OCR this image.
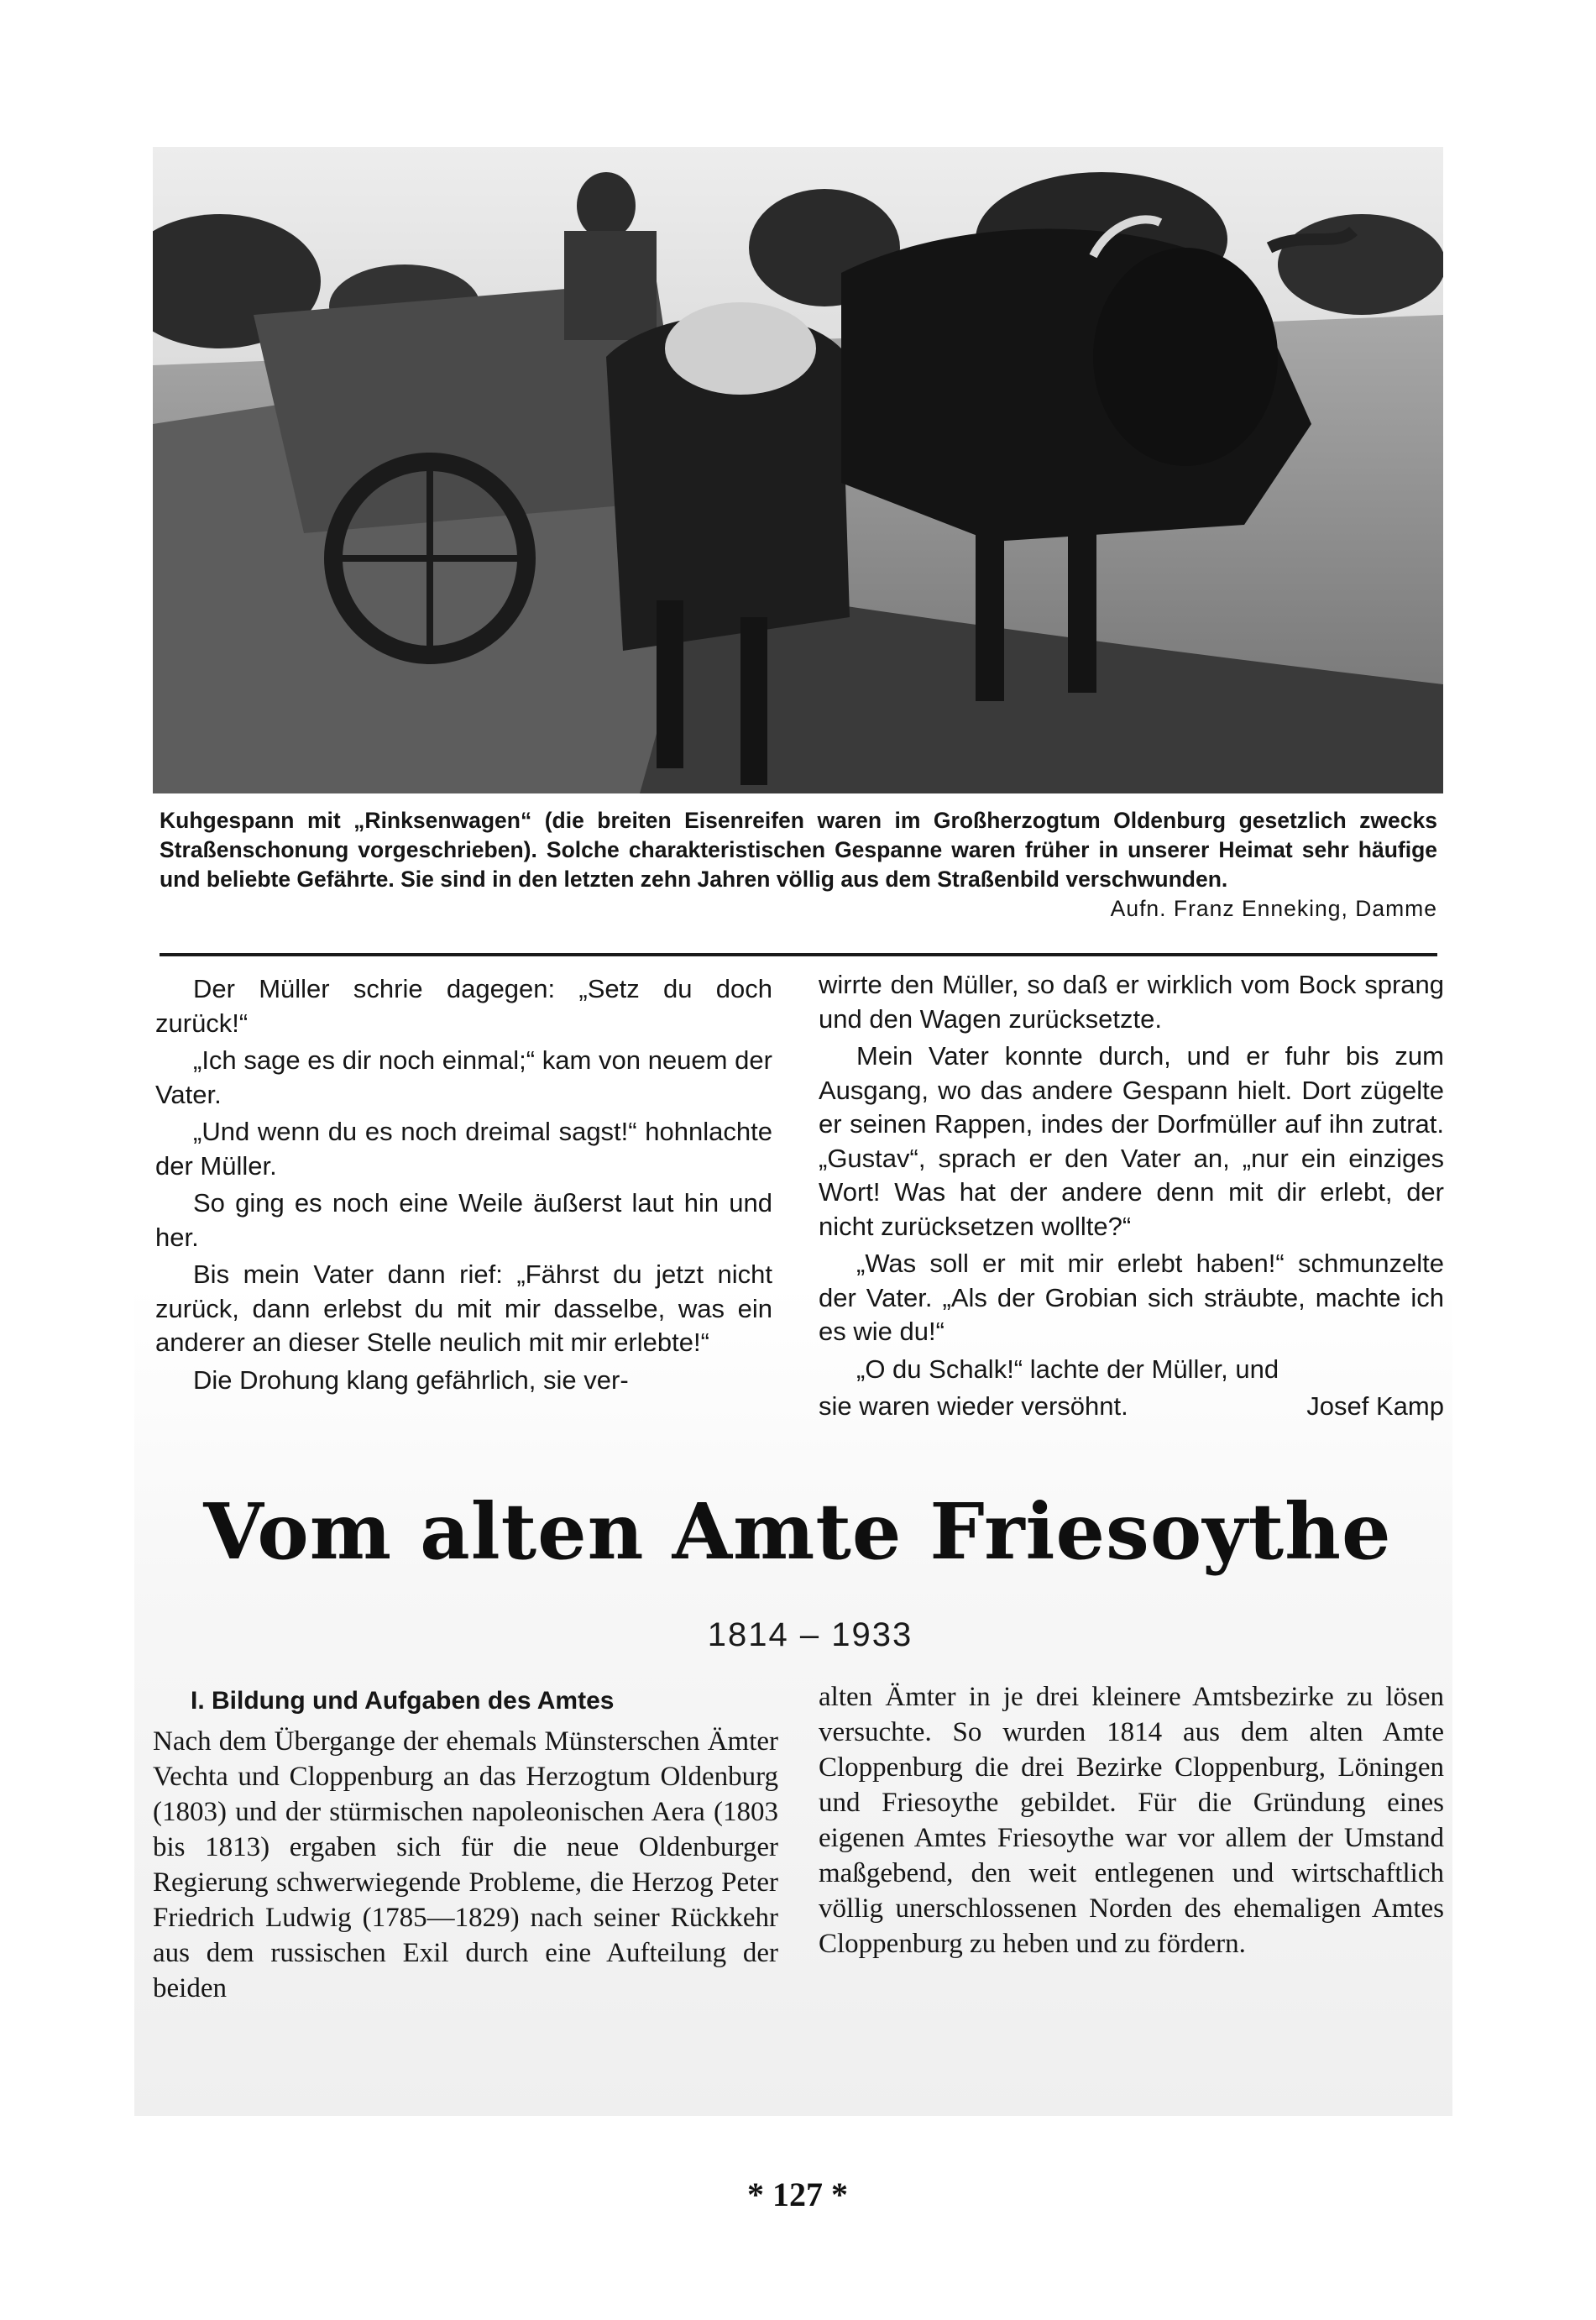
Kuhgespann mit „Rinksenwagen“ (die breiten Eisenreifen waren im Großherzogtum Oldenburg gesetzlich zwecks Straßenschonung vorgeschrieben). Solche charakteristischen Gespanne waren früher in unserer Heimat sehr häufige und beliebte Gefährte. Sie sind in den letzten zehn Jahren völlig aus dem Straßenbild verschwunden.
Aufn. Franz Enneking, Damme

Der Müller schrie dagegen: „Setz du doch zurück!“

„Ich sage es dir noch einmal;“ kam von neuem der Vater.

„Und wenn du es noch dreimal sagst!“ hohnlachte der Müller.

So ging es noch eine Weile äußerst laut hin und her.

Bis mein Vater dann rief: „Fährst du jetzt nicht zurück, dann erlebst du mit mir dasselbe, was ein anderer an dieser Stelle neulich mit mir erlebte!“

Die Drohung klang gefährlich, sie ver-

wirrte den Müller, so daß er wirklich vom Bock sprang und den Wagen zurücksetzte.

Mein Vater konnte durch, und er fuhr bis zum Ausgang, wo das andere Gespann hielt. Dort zügelte er seinen Rappen, indes der Dorfmüller auf ihn zutrat. „Gustav“, sprach er den Vater an, „nur ein einziges Wort! Was hat der andere denn mit dir erlebt, der nicht zurücksetzen wollte?“

„Was soll er mit mir erlebt haben!“ schmunzelte der Vater. „Als der Grobian sich sträubte, machte ich es wie du!“

„O du Schalk!“ lachte der Müller, und

sie waren wieder versöhnt.	Josef Kamp
Vom alten Amte Friesoythe
1814 – 1933
I. Bildung und Aufgaben des Amtes

Nach dem Übergange der ehemals Münsterschen Ämter Vechta und Cloppenburg an das Herzogtum Oldenburg (1803) und der stürmischen napoleonischen Aera (1803 bis 1813) ergaben sich für die neue Oldenburger Regierung schwerwiegende Probleme, die Herzog Peter Friedrich Ludwig (1785—1829) nach seiner Rückkehr aus dem russischen Exil durch eine Aufteilung der beiden

alten Ämter in je drei kleinere Amtsbezirke zu lösen versuchte. So wurden 1814 aus dem alten Amte Cloppenburg die drei Bezirke Cloppenburg, Löningen und Friesoythe gebildet. Für die Gründung eines eigenen Amtes Friesoythe war vor allem der Umstand maßgebend, den weit entlegenen und wirtschaftlich völlig unerschlossenen Norden des ehemaligen Amtes Cloppenburg zu heben und zu fördern.

* 127 *
